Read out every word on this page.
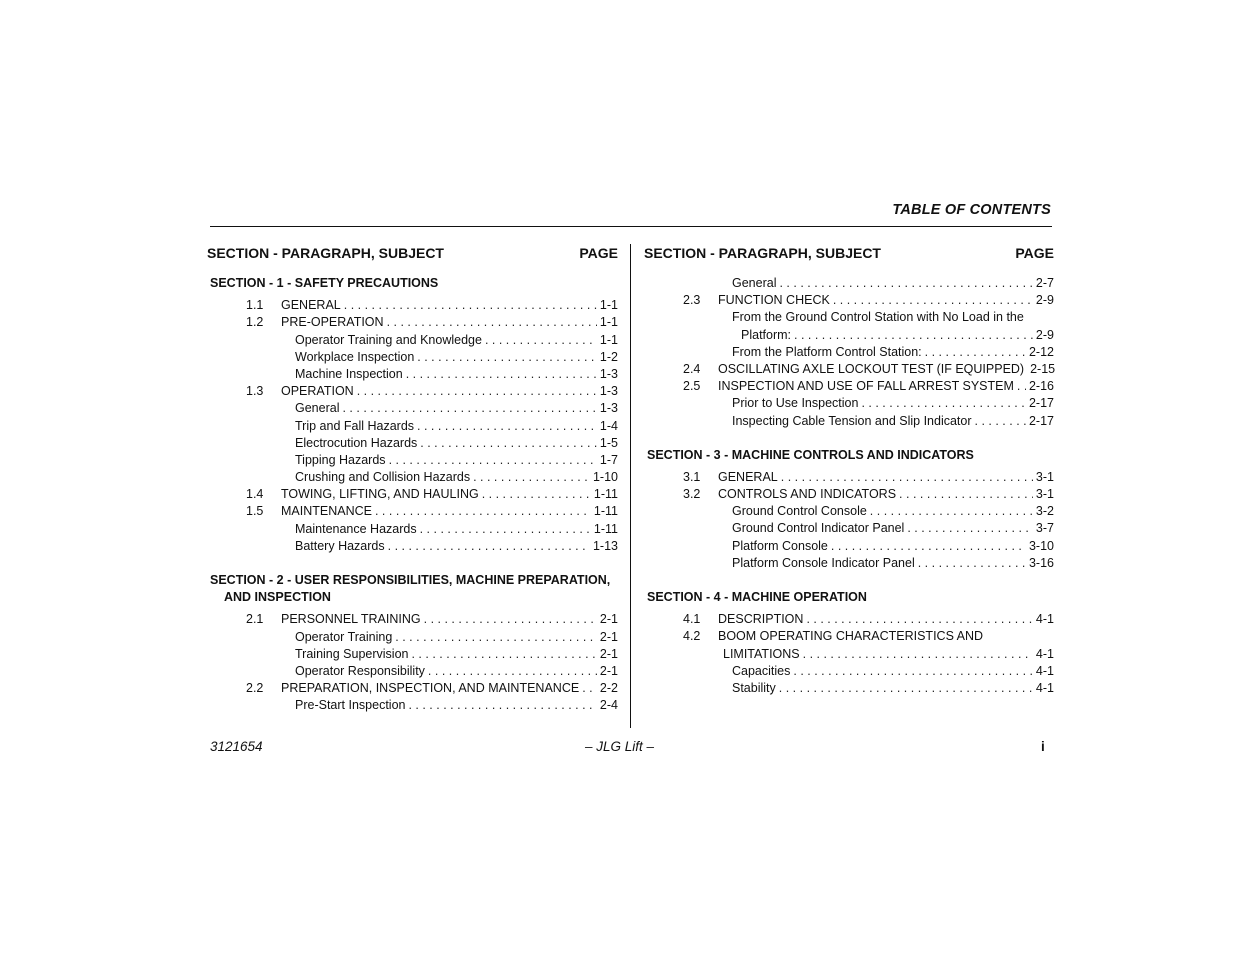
TABLE OF CONTENTS
SECTION - PARAGRAPH, SUBJECT	PAGE
SECTION - 1 - SAFETY PRECAUTIONS
1.1	GENERAL . . .	1-1
1.2	PRE-OPERATION . . .	1-1
Operator Training and Knowledge . . .	1-1
Workplace Inspection . . .	1-2
Machine Inspection . . .	1-3
1.3	OPERATION . . .	1-3
General . . .	1-3
Trip and Fall Hazards . . .	1-4
Electrocution Hazards . . .	1-5
Tipping Hazards . . .	1-7
Crushing and Collision Hazards . . .	1-10
1.4	TOWING, LIFTING, AND HAULING . . .	1-11
1.5	MAINTENANCE . . .	1-11
Maintenance Hazards . . .	1-11
Battery Hazards . . .	1-13
SECTION - 2 - USER RESPONSIBILITIES, MACHINE PREPARATION,
AND INSPECTION
2.1	PERSONNEL TRAINING . . .	2-1
Operator Training . . .	2-1
Training Supervision . . .	2-1
Operator Responsibility . . .	2-1
2.2	PREPARATION, INSPECTION, AND MAINTENANCE . . . 2-2
Pre-Start Inspection . . .	2-4
SECTION - PARAGRAPH, SUBJECT	PAGE
General . . .	2-7
2.3	FUNCTION CHECK . . .	2-9
From the Ground Control Station with No Load in the
Platform: . . .	2-9
From the Platform Control Station: . . .	2-12
2.4	OSCILLATING AXLE LOCKOUT TEST (IF EQUIPPED) 2-15
2.5	INSPECTION AND USE OF FALL ARREST SYSTEM . . . 2-16
Prior to Use Inspection . . .	2-17
Inspecting Cable Tension and Slip Indicator . . .	2-17
SECTION - 3 - MACHINE CONTROLS AND INDICATORS
3.1	GENERAL . . .	3-1
3.2	CONTROLS AND INDICATORS . . .	3-1
Ground Control Console . . .	3-2
Ground Control Indicator Panel . . .	3-7
Platform Console . . .	3-10
Platform Console Indicator Panel . . .	3-16
SECTION - 4 - MACHINE OPERATION
4.1	DESCRIPTION . . .	4-1
4.2	BOOM OPERATING CHARACTERISTICS AND
LIMITATIONS . . .	4-1
Capacities . . .	4-1
Stability . . .	4-1
3121654	– JLG Lift –	i
